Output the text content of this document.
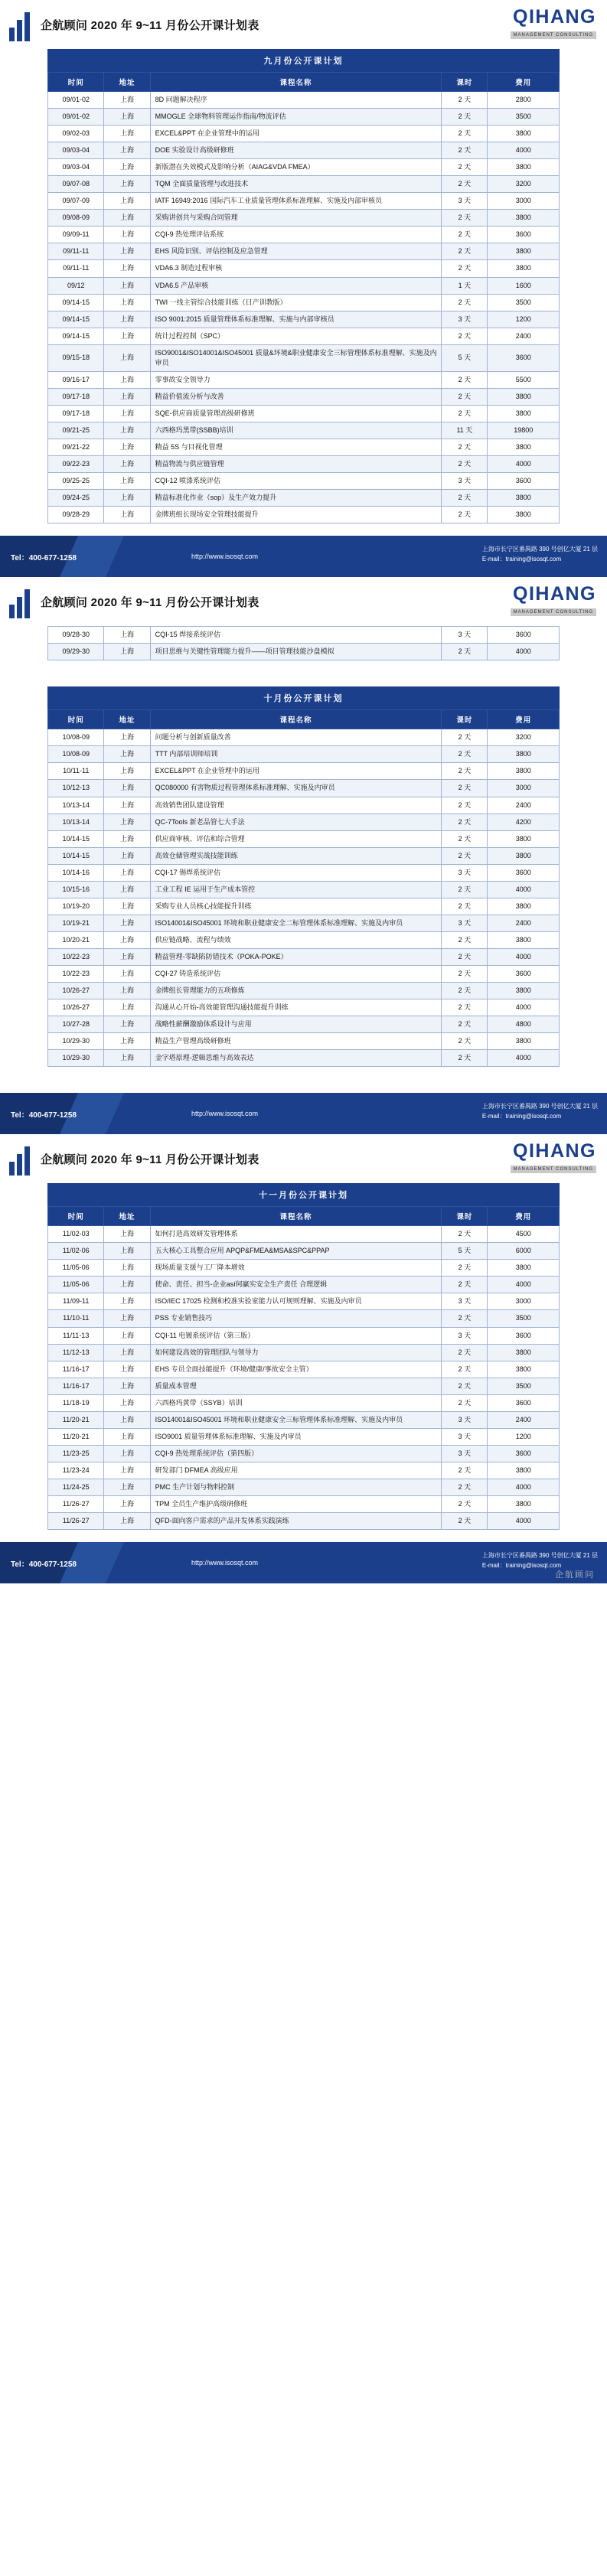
企航顾问 2020 年 9~11 月份公开课计划表	QIHANG
MANAGEMENT CONSULTING
九月份公开课计划
时间	地址	课程名称	课时	费用
09/01-02	上海	8D 问题解决程序	2 天	2800
09/01-02	上海	MMOGLE 全球物料管理运作指南/物流评估	2 天	3500
09/02-03	上海	EXCEL&PPT 在企业管理中的运用	2 天	3800
09/03-04	上海	DOE 实验设计高级研修班	2 天	4000
09/03-04	上海	新版潜在失效模式及影响分析（AIAG&VDA FMEA）	2 天	3800
09/07-08	上海	TQM 全面质量管理与改进技术	2 天	3200
09/07-09	上海	IATF 16949:2016 国际汽车工业质量管理体系标准理解、实施及内部审核员	3 天	3000
09/08-09	上海	采购讲创共与采购合同管理	2 天	3800
09/09-11	上海	CQI-9 热处理评估系统	2 天	3600
09/11-11	上海	EHS 风险识别、评估控制及应急管理	2 天	3800
09/11-11	上海	VDA6.3 制造过程审核	2 天	3800
09/12	上海	VDA6.5 产品审核	1 天	1600
09/14-15	上海	TWI 一线主管综合技能训练（日产训教版）	2 天	3500
09/14-15	上海	ISO 9001:2015 质量管理体系标准理解、实施与内部审核员	3 天	1200
09/14-15	上海	统计过程控制（SPC）	2 天	2400
09/15-18	上海	ISO9001&ISO14001&ISO45001 质量&环境&职业健康安全三标管理体系标准理解、实施及内审员	5 天	3600
09/16-17	上海	零事故安全领导力	2 天	5500
09/17-18	上海	精益价值流分析与改善	2 天	3800
09/17-18	上海	SQE-供应商质量管理高级研修班	2 天	3800
09/21-25	上海	六西格玛黑带(SSBB)培训	11 天	19800
09/21-22	上海	精益 5S 与目视化管理	2 天	3800
09/22-23	上海	精益物流与供应链管理	2 天	4000
09/25-25	上海	CQI-12 喷漆系统评估	3 天	3600
09/24-25	上海	精益标准化作业（sop）及生产效力提升	2 天	3800
09/28-29	上海	金牌班组长现场安全管理技能提升	2 天	3800
Tel：400-677-1258	http://www.isosqt.com
上海市长宁区番禺路 390 号创亿大厦 21 层
E-mail：training@isosqt.com
企航顾问 2020 年 9~11 月份公开课计划表	QIHANG
MANAGEMENT CONSULTING
09/28-30	上海	CQI-15 焊接系统评估	3 天	3600
09/29-30	上海	项目思维与关键性管理能力提升——项目管理技能沙盘模拟	2 天	4000
十月份公开课计划
时间	地址	课程名称	课时	费用
10/08-09	上海	问题分析与创新质量改善	2 天	3200
10/08-09	上海	TTT 内部培训师培训	2 天	3800
10/11-11	上海	EXCEL&PPT 在企业管理中的运用	2 天	3800
10/12-13	上海	QC080000 有害物质过程管理体系标准理解、实施及内审员	2 天	3000
10/13-14	上海	高效销售团队建设管理	2 天	2400
10/13-14	上海	QC-7Tools 新老品管七大手法	2 天	4200
10/14-15	上海	供应商审核、评估和综合管理	2 天	3800
10/14-15	上海	高效仓储管理实战技能训练	2 天	3800
10/14-16	上海	CQI-17 锡焊系统评估	3 天	3600
10/15-16	上海	工业工程 IE 运用于生产成本管控	2 天	4000
10/19-20	上海	采购专业人员核心技能提升训练	2 天	3800
10/19-21	上海	ISO14001&ISO45001 环境和职业健康安全二标管理体系标准理解、实施及内审员	3 天	2400
10/20-21	上海	供应链战略、流程与绩效	2 天	3800
10/22-23	上海	精益管理-零缺陷防错技术（POKA-POKE）	2 天	4000
10/22-23	上海	CQI-27 铸造系统评估	2 天	3600
10/26-27	上海	金牌组长管理能力的五项修炼	2 天	3800
10/26-27	上海	沟通从心开始-高效能管理沟通技能提升训练	2 天	4000
10/27-28	上海	战略性薪酬激励体系设计与应用	2 天	4800
10/29-30	上海	精益生产管理高级研修班	2 天	3800
10/29-30	上海	金字塔原理-逻辑思维与高效表达	2 天	4000
Tel：400-677-1258	http://www.isosqt.com
上海市长宁区番禺路 390 号创亿大厦 21 层
E-mail：training@isosqt.com
企航顾问 2020 年 9~11 月份公开课计划表	QIHANG
MANAGEMENT CONSULTING
十一月份公开课计划
时间	地址	课程名称	课时	费用
11/02-03	上海	如何打造高效研发管理体系	2 天	4500
11/02-06	上海	五大核心工具整合应用 APQP&FMEA&MSA&SPC&PPAP	5 天	6000
11/05-06	上海	现场质量支援与工厂降本增效	2 天	3800
11/05-06	上海	使命、责任、担当-企业así何赢实安全生产责任 合理逻辑	2 天	4000
11/09-11	上海	ISO/IEC 17025 检测和校准实验室能力认可规则理解、实施及内审员	3 天	3000
11/10-11	上海	PSS 专业销售技巧	2 天	3500
11/11-13	上海	CQI-11 电镀系统评估（第三版）	3 天	3600
11/12-13	上海	如何建设高效的管理团队与领导力	2 天	3800
11/16-17	上海	EHS 专员全面技能提升（环境/健康/事故安全主管）	2 天	3800
11/16-17	上海	质量成本管理	2 天	3500
11/18-19	上海	六西格玛黄带（SSYB）培训	2 天	3600
11/20-21	上海	ISO14001&ISO45001 环境和职业健康安全三标管理体系标准理解、实施及内审员	3 天	2400
11/20-21	上海	ISO9001 质量管理体系标准理解、实施及内审员	3 天	1200
11/23-25	上海	CQI-9 热处理系统评估（第四版）	3 天	3600
11/23-24	上海	研发部门 DFMEA 高级应用	2 天	3800
11/24-25	上海	PMC 生产计划与物料控制	2 天	4000
11/26-27	上海	TPM 全员生产维护高级研修班	2 天	3800
11/26-27	上海	QFD-面向客户需求的产品开发体系实践演练	2 天	4000
Tel：400-677-1258	http://www.isosqt.com
上海市长宁区番禺路 390 号创亿大厦 21 层
E-mail：training@isosqt.com
企航顾问
